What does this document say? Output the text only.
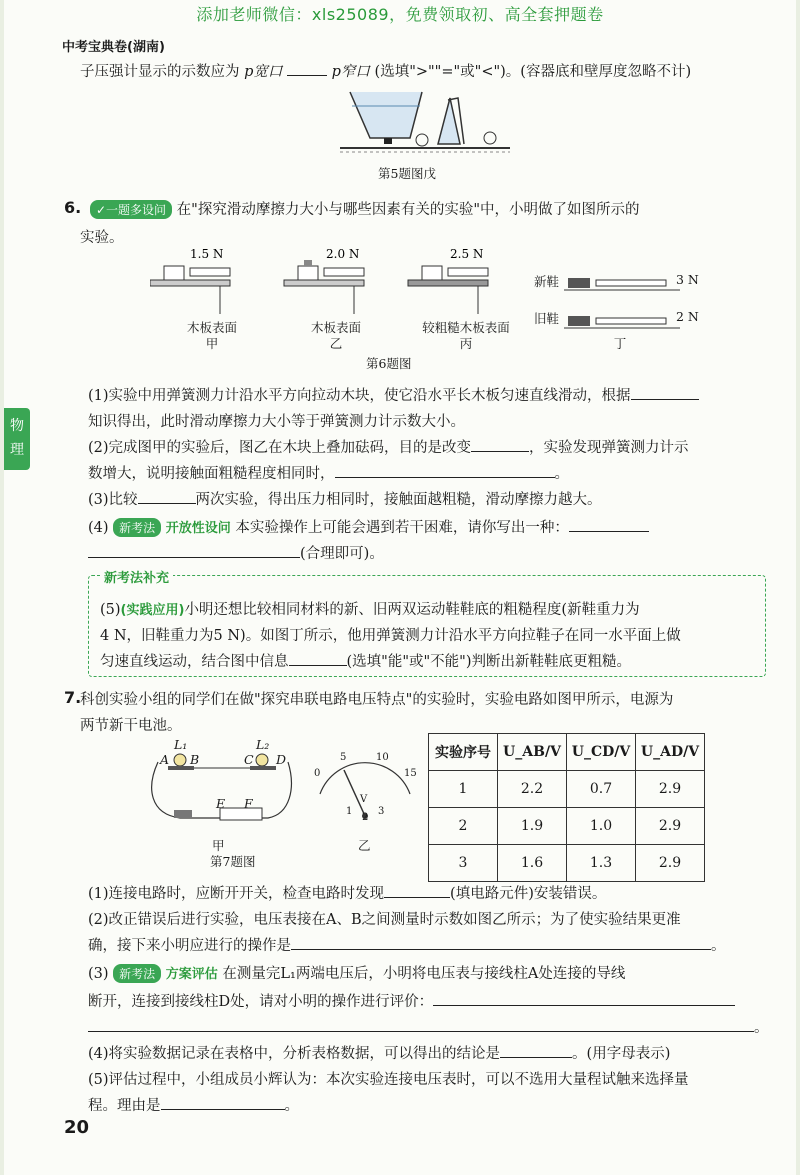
添加老师微信：xls25089，免费领取初、高全套押题卷
中考宝典卷(湖南)
物
理
子压强计显示的示数应为 p宽口	p窄口 (选填">""="或"<")。(容器底和壁厚度忽略不计)
第5题图戊
6.	✓一题多设问 在"探究滑动摩擦力大小与哪些因素有关的实验"中，小明做了如图所示的
实验。
1.5 N	2.0 N	2.5 N
新鞋	3 N
旧鞋	2 N
木板表面	木板表面	较粗糙木板表面
甲	乙	丙	丁
第6题图
(1)实验中用弹簧测力计沿水平方向拉动木块，使它沿水平长木板匀速直线滑动，根据
知识得出，此时滑动摩擦力大小等于弹簧测力计示数大小。
(2)完成图甲的实验后，图乙在木块上叠加砝码，目的是改变	，实验发现弹簧测力计示
数增大，说明接触面粗糙程度相同时，	。
(3)比较	两次实验，得出压力相同时，接触面越粗糙，滑动摩擦力越大。
(4) 新考法 开放性设问 本实验操作上可能会遇到若干困难，请你写出一种：
(合理即可)。
新考法补充
(5)(实践应用)小明还想比较相同材料的新、旧两双运动鞋鞋底的粗糙程度(新鞋重力为
4 N，旧鞋重力为5 N)。如图丁所示，他用弹簧测力计沿水平方向拉鞋子在同一水平面上做
匀速直线运动，结合图中信息	(选填"能"或"不能")判断出新鞋鞋底更粗糙。
7.
科创实验小组的同学们在做"探究串联电路电压特点"的实验时，实验电路如图甲所示，电源为
两节新干电池。
L₁	L₂
A B	C D
E F
甲
第7题图
0
5	10
15
V
1
2
3
乙
实验序号	U_AB/V	U_CD/V	U_AD/V
1	2.2	0.7	2.9
2	1.9	1.0	2.9
3	1.6	1.3	2.9
(1)连接电路时，应断开开关，检查电路时发现	(填电路元件)安装错误。
(2)改正错误后进行实验，电压表接在A、B之间测量时示数如图乙所示；为了使实验结果更准
确，接下来小明应进行的操作是	。
(3) 新考法 方案评估 在测量完L₁两端电压后，小明将电压表与接线柱A处连接的导线
断开，连接到接线柱D处，请对小明的操作进行评价：
。
(4)将实验数据记录在表格中，分析表格数据，可以得出的结论是	。(用字母表示)
(5)评估过程中，小组成员小辉认为：本次实验连接电压表时，可以不选用大量程试触来选择量
程。理由是	。
20
